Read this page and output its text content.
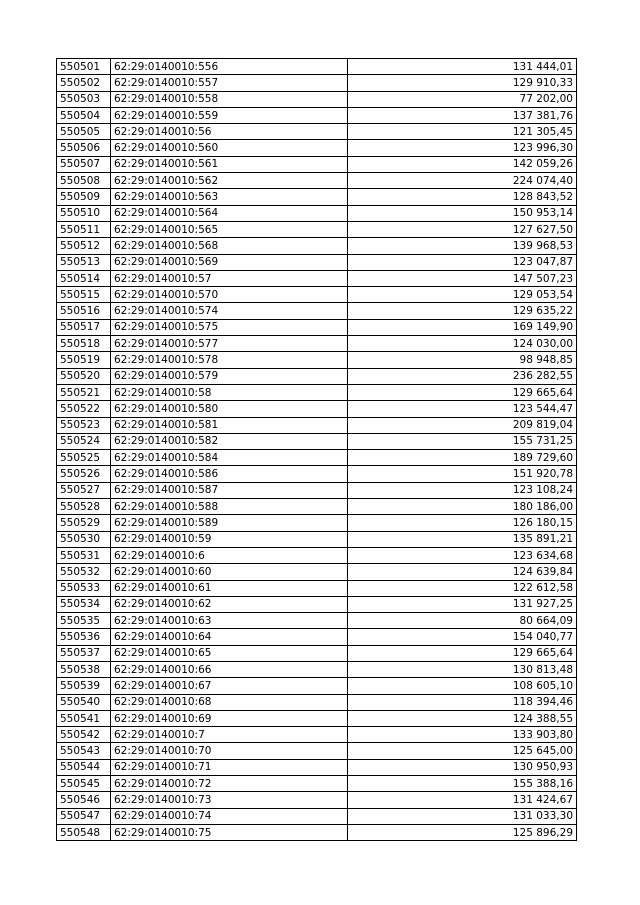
550501	62:29:0140010:556	131 444,01
550502	62:29:0140010:557	129 910,33
550503	62:29:0140010:558	77 202,00
550504	62:29:0140010:559	137 381,76
550505	62:29:0140010:56	121 305,45
550506	62:29:0140010:560	123 996,30
550507	62:29:0140010:561	142 059,26
550508	62:29:0140010:562	224 074,40
550509	62:29:0140010:563	128 843,52
550510	62:29:0140010:564	150 953,14
550511	62:29:0140010:565	127 627,50
550512	62:29:0140010:568	139 968,53
550513	62:29:0140010:569	123 047,87
550514	62:29:0140010:57	147 507,23
550515	62:29:0140010:570	129 053,54
550516	62:29:0140010:574	129 635,22
550517	62:29:0140010:575	169 149,90
550518	62:29:0140010:577	124 030,00
550519	62:29:0140010:578	98 948,85
550520	62:29:0140010:579	236 282,55
550521	62:29:0140010:58	129 665,64
550522	62:29:0140010:580	123 544,47
550523	62:29:0140010:581	209 819,04
550524	62:29:0140010:582	155 731,25
550525	62:29:0140010:584	189 729,60
550526	62:29:0140010:586	151 920,78
550527	62:29:0140010:587	123 108,24
550528	62:29:0140010:588	180 186,00
550529	62:29:0140010:589	126 180,15
550530	62:29:0140010:59	135 891,21
550531	62:29:0140010:6	123 634,68
550532	62:29:0140010:60	124 639,84
550533	62:29:0140010:61	122 612,58
550534	62:29:0140010:62	131 927,25
550535	62:29:0140010:63	80 664,09
550536	62:29:0140010:64	154 040,77
550537	62:29:0140010:65	129 665,64
550538	62:29:0140010:66	130 813,48
550539	62:29:0140010:67	108 605,10
550540	62:29:0140010:68	118 394,46
550541	62:29:0140010:69	124 388,55
550542	62:29:0140010:7	133 903,80
550543	62:29:0140010:70	125 645,00
550544	62:29:0140010:71	130 950,93
550545	62:29:0140010:72	155 388,16
550546	62:29:0140010:73	131 424,67
550547	62:29:0140010:74	131 033,30
550548	62:29:0140010:75	125 896,29
